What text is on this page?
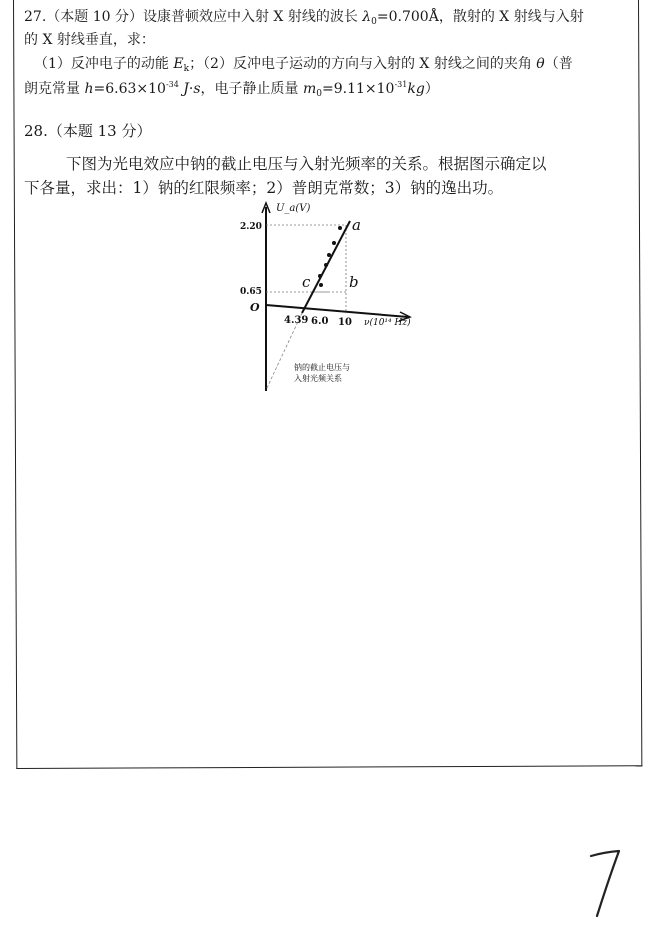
27.（本题 10 分）设康普顿效应中入射 X 射线的波长 $\lambda_0=0.700Å$，散射的 X 射线与入射
的 X 射线垂直，求：
（1）反冲电子的动能 $E_k$；（2）反冲电子运动的方向与入射的 X 射线之间的夹角 θ（普
朗克常量 $h=6.63\times 10^{-34}$ J·s，电子静止质量 $m_0=9.11\times 10^{-31}kg$）
28.（本题 13 分）
下图为光电效应中钠的截止电压与入射光频率的关系。根据图示确定以
下各量，求出：1）钠的红限频率；2）普朗克常数；3）钠的逸出功。
U_a(V)
2.20
0.65
O
4.39 6.0 10 ν(10¹⁴ Hz)
a
b
c
钠的截止电压与
入射光频关系
